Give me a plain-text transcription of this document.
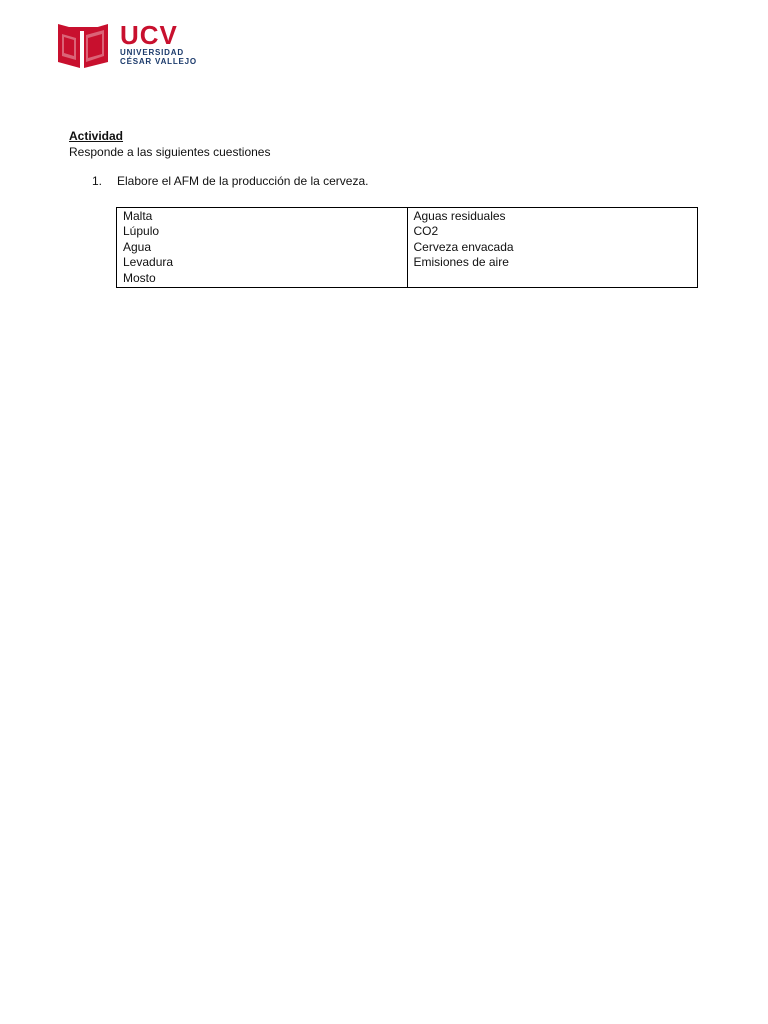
UCV
UNIVERSIDAD
CÉSAR VALLEJO

Actividad

Responde a las siguientes cuestiones

1. Elabore el AFM de la producción de la cerveza.
Malta
Lúpulo
Agua
Levadura
Mosto

Aguas residuales
CO2
Cerveza envacada
Emisiones de aire
